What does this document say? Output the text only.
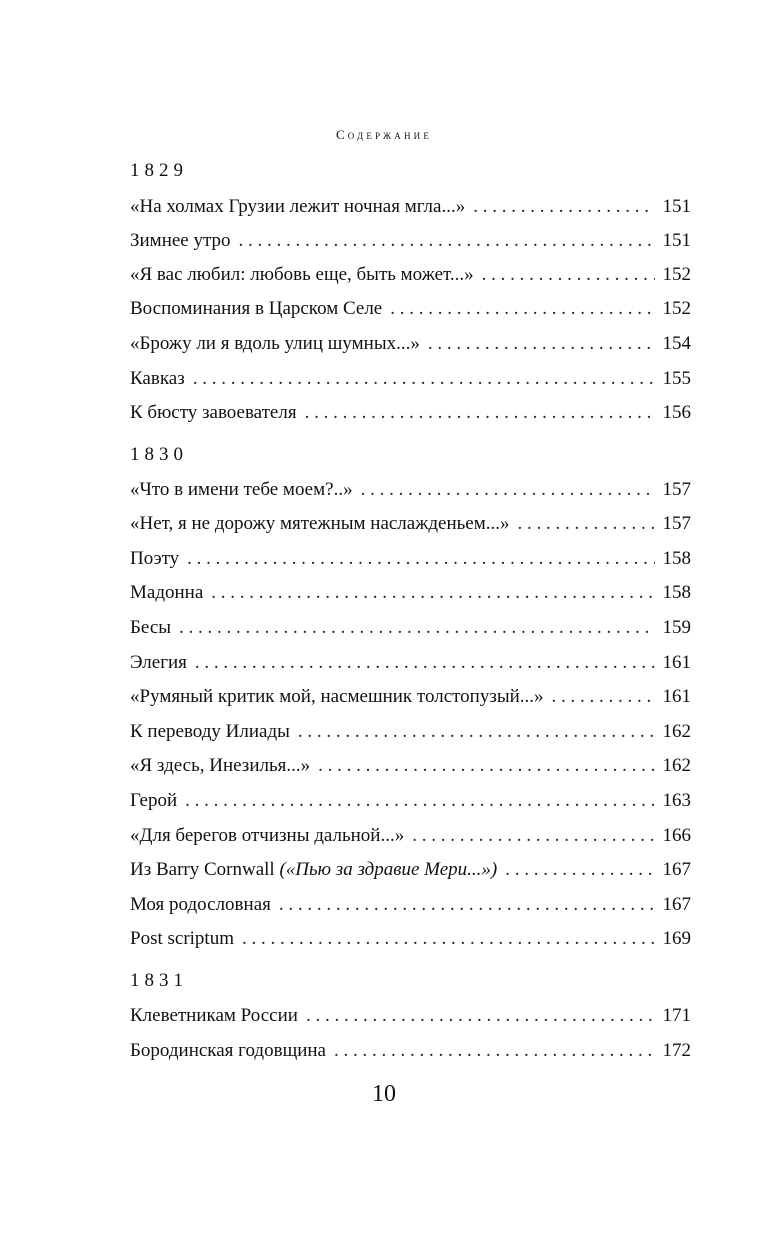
Содержание
1829
«На холмах Грузии лежит ночная мгла...» . . .	151
Зимнее утро . . .	151
«Я вас любил: любовь еще, быть может...» . . .	152
Воспоминания в Царском Селе . . .	152
«Брожу ли я вдоль улиц шумных...» . . .	154
Кавказ . . .	155
К бюсту завоевателя . . .	156
1830
«Что в имени тебе моем?..» . . .	157
«Нет, я не дорожу мятежным наслажденьем...» . . .	157
Поэту . . .	158
Мадонна . . .	158
Бесы . . .	159
Элегия . . .	161
«Румяный критик мой, насмешник толстопузый...» . . .	161
К переводу Илиады . . .	162
«Я здесь, Инезилья...» . . .	162
Герой . . .	163
«Для берегов отчизны дальной...» . . .	166
Из Barry Cornwall («Пью за здравие Мери...») . . .	167
Моя родословная . . .	167
Post scriptum . . .	169
1831
Клеветникам России . . .	171
Бородинская годовщина . . .	172
10
